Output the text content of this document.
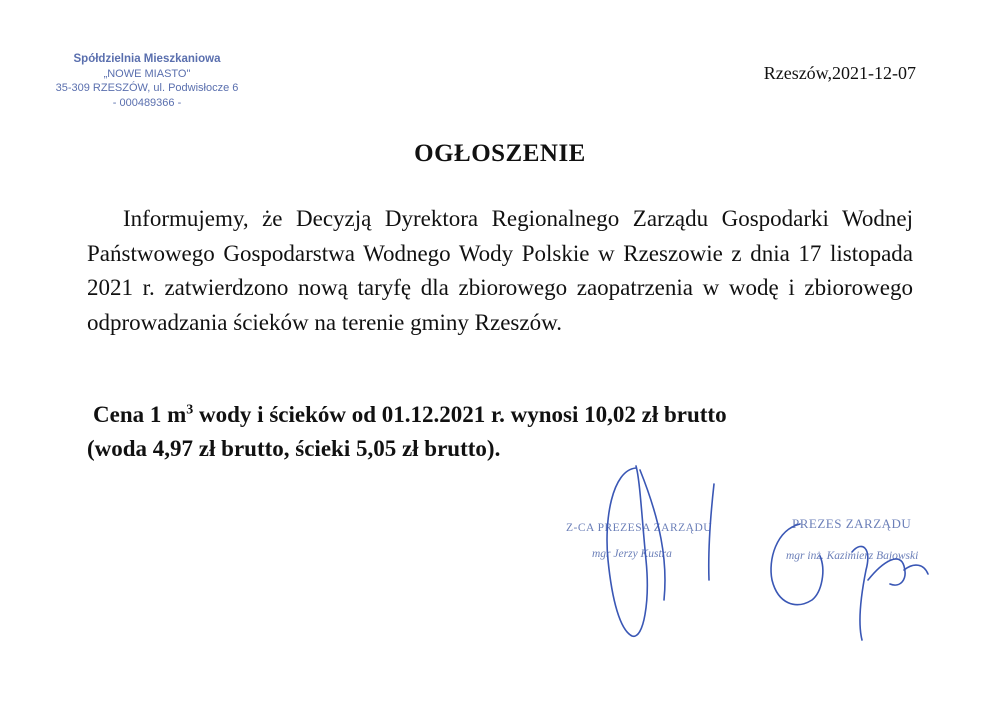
Spółdzielnia Mieszkaniowa
„NOWE MIASTO"
35-309 RZESZÓW, ul. Podwisłocze 6
- 000489366 -
Rzeszów,2021-12-07
OGŁOSZENIE
Informujemy, że Decyzją Dyrektora Regionalnego Zarządu Gospodarki Wodnej Państwowego Gospodarstwa Wodnego Wody Polskie w Rzeszowie z dnia 17 listopada 2021 r. zatwierdzono nową taryfę dla zbiorowego zaopatrzenia w wodę i zbiorowego odprowadzania ścieków na terenie gminy Rzeszów.
Cena 1 $m^3$ wody i ścieków od 01.12.2021 r. wynosi 10,02 zł brutto
(woda 4,97 zł brutto, ścieki 5,05 zł brutto).
Z-CA PREZESA ZARZĄDU
mgr Jerzy Kustra
PREZES ZARZĄDU
mgr inż. Kazimierz Bajowski
